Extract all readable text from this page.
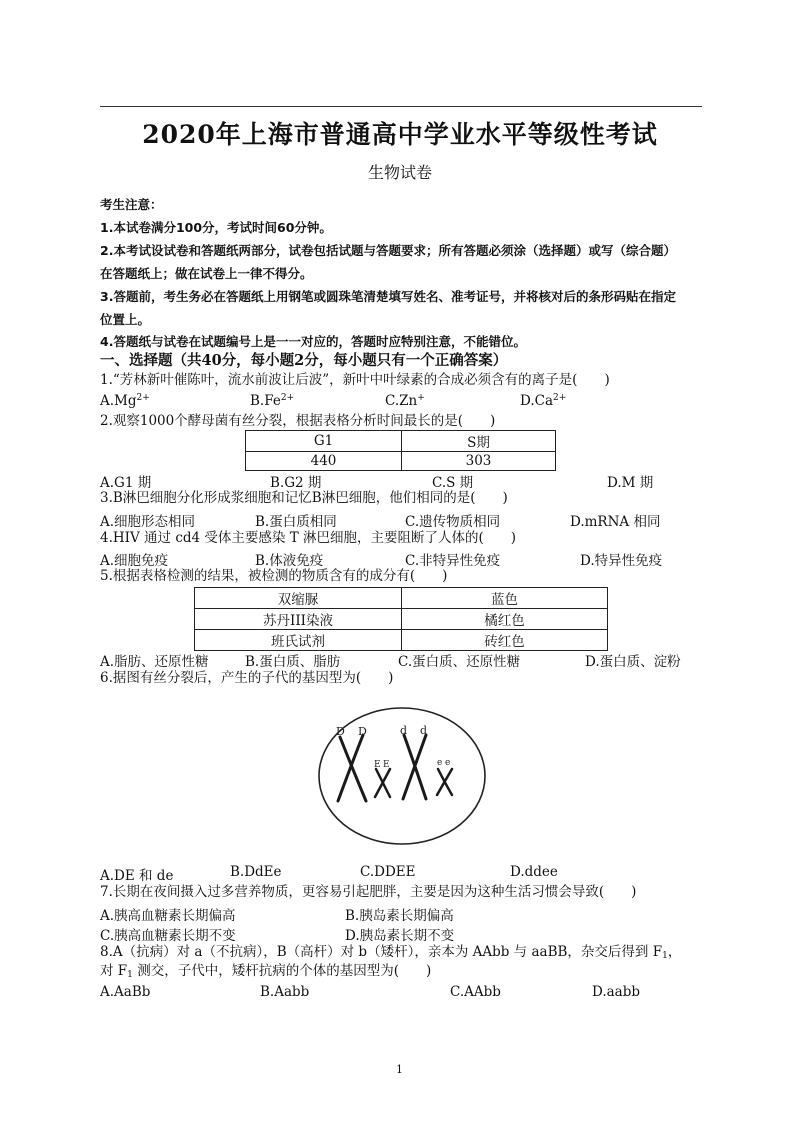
2020年上海市普通高中学业水平等级性考试
生物试卷
考生注意：
1.本试卷满分100分，考试时间60分钟。
2.本考试设试卷和答题纸两部分，试卷包括试题与答题要求；所有答题必须涂（选择题）或写（综合题）
在答题纸上；做在试卷上一律不得分。
3.答题前，考生务必在答题纸上用钢笔或圆珠笔清楚填写姓名、准考证号，并将核对后的条形码贴在指定
位置上。
4.答题纸与试卷在试题编号上是一一对应的，答题时应特别注意，不能错位。
一、选择题（共40分，每小题2分，每小题只有一个正确答案）
1.“芳林新叶催陈叶，流水前波让后波”，新叶中叶绿素的合成必须含有的离子是(　　)
$A.Mg^{2+}$	$B.Fe^{2+}$	C.Zn+	$D.Ca^{2+}$
2.观察1000个酵母菌有丝分裂，根据表格分析时间最长的是(　　)
G1	S期
440	303
A.G1 期	B.G2 期	C.S 期	D.M 期
3.B淋巴细胞分化形成浆细胞和记忆B淋巴细胞，他们相同的是(　　)
A.细胞形态相同	B.蛋白质相同	C.遗传物质相同	D.mRNA 相同
4.HIV 通过 cd4 受体主要感染 T 淋巴细胞，主要阻断了人体的(　　)
A.细胞免疫	B.体液免疫	C.非特异性免疫	D.特异性免疫
5.根据表格检测的结果，被检测的物质含有的成分有(　　)
双缩脲	蓝色
苏丹III染液	橘红色
班氏试剂	砖红色
A.脂肪、还原性糖	B.蛋白质、脂肪	C.蛋白质、还原性糖	D.蛋白质、淀粉
6.据图有丝分裂后，产生的子代的基因型为(　　)
D D	d d
E E	e e
A.DE 和 de	B.DdEe	C.DDEE	D.ddee
7.长期在夜间摄入过多营养物质，更容易引起肥胖，主要是因为这种生活习惯会导致(　　)
A.胰高血糖素长期偏高	B.胰岛素长期偏高
C.胰高血糖素长期不变	D.胰岛素长期不变
8.A（抗病）对 a（不抗病），B（高杆）对 b（矮杆），亲本为 AAbb 与 aaBB，杂交后得到 $F_1$，
对 $F_1$ 测交，子代中，矮杆抗病的个体的基因型为(　　)
A.AaBb	B.Aabb	C.AAbb	D.aabb
1
